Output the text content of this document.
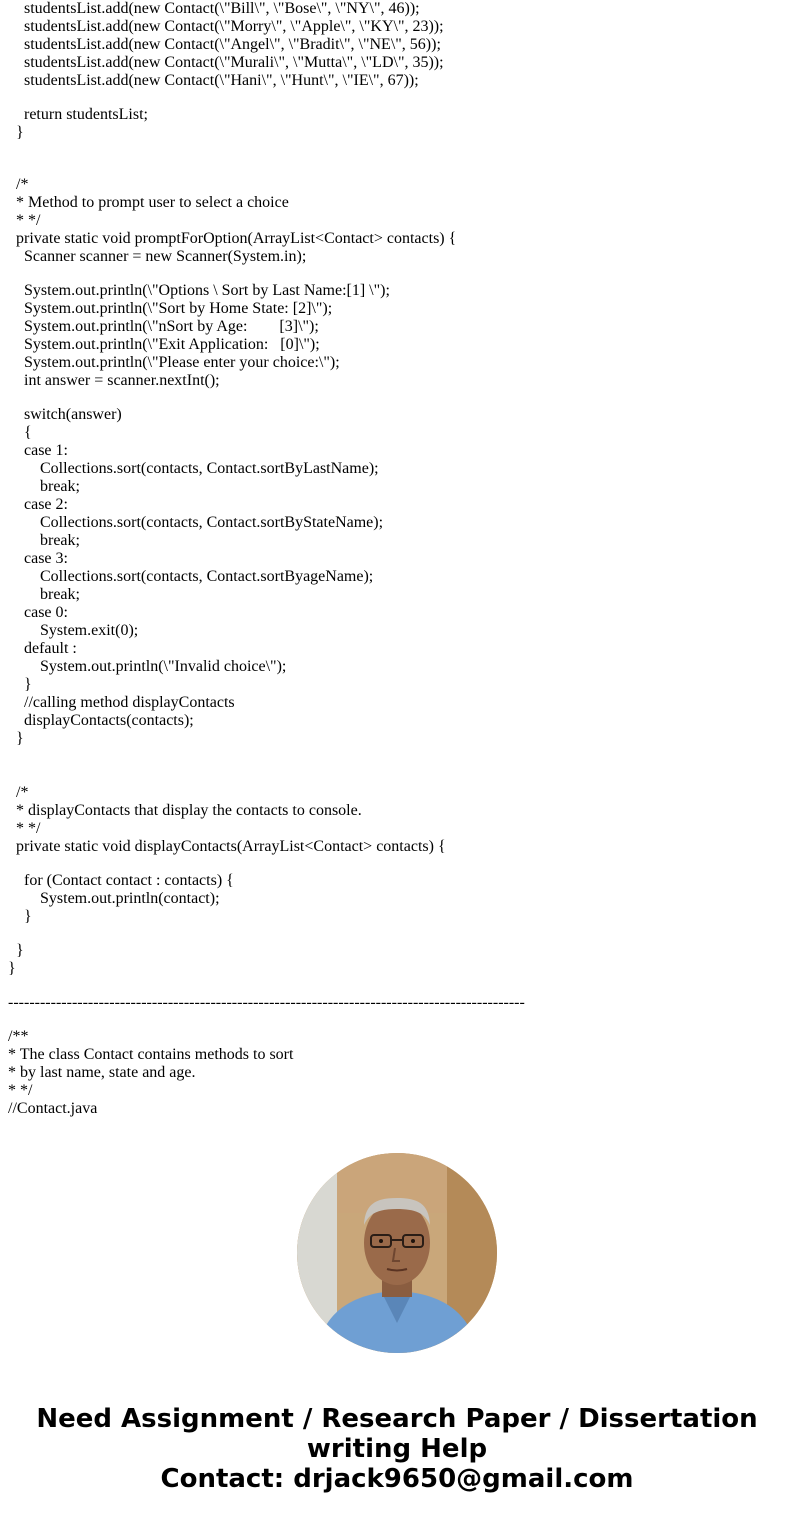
studentsList.add(new Contact(\"Bill\", \"Bose\", \"NY\", 46));
studentsList.add(new Contact(\"Morry\", \"Apple\", \"KY\", 23));
studentsList.add(new Contact(\"Angel\", \"Bradit\", \"NE\", 56));
studentsList.add(new Contact(\"Murali\", \"Mutta\", \"LD\", 35));
studentsList.add(new Contact(\"Hani\", \"Hunt\", \"IE\", 67));
return studentsList;
}
/*
* Method to prompt user to select a choice
* */
private static void promptForOption(ArrayList<Contact> contacts) {
Scanner scanner = new Scanner(System.in);
System.out.println(\"Options \ Sort by Last Name:[1] \");
System.out.println(\"Sort by Home State: [2]\");
System.out.println(\"nSort by Age:        [3]\");
System.out.println(\"Exit Application:   [0]\");
System.out.println(\"Please enter your choice:\");
int answer = scanner.nextInt();
switch(answer)
{
case 1:
Collections.sort(contacts, Contact.sortByLastName);
break;
case 2:
Collections.sort(contacts, Contact.sortByStateName);
break;
case 3:
Collections.sort(contacts, Contact.sortByageName);
break;
case 0:
System.exit(0);
default :
System.out.println(\"Invalid choice\");
}
//calling method displayContacts
displayContacts(contacts);
}
/*
* displayContacts that display the contacts to console.
* */
private static void displayContacts(ArrayList<Contact> contacts) {
for (Contact contact : contacts) {
System.out.println(contact);
}
}
}
-------------------------------------------------------------------------------------------------
/**
* The class Contact contains methods to sort
* by last name, state and age.
* */
//Contact.java
Need Assignment / Research Paper / Dissertation
writing Help
Contact: drjack9650@gmail.com
